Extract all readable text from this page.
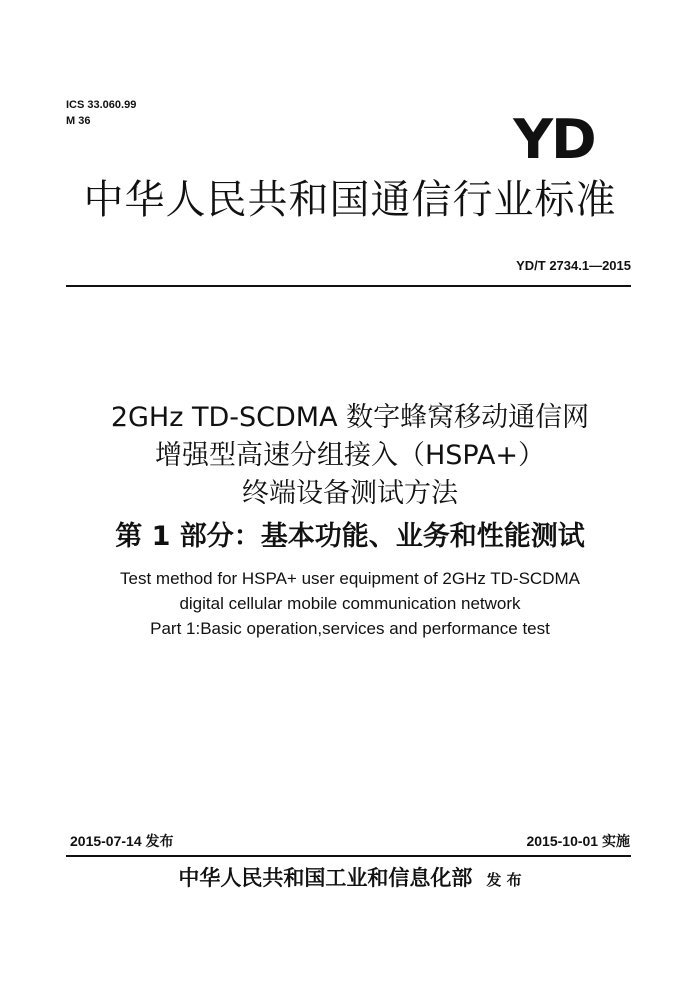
ICS 33.060.99
M 36	YD
中华人民共和国通信行业标准
YD/T 2734.1—2015
2GHz TD-SCDMA 数字蜂窝移动通信网
增强型高速分组接入（HSPA+）
终端设备测试方法
第 1 部分：基本功能、业务和性能测试
Test method for HSPA+ user equipment of 2GHz TD-SCDMA
digital cellular mobile communication network
Part 1:Basic operation,services and performance test
2015-07-14 发布	2015-10-01 实施
中华人民共和国工业和信息化部 发 布
